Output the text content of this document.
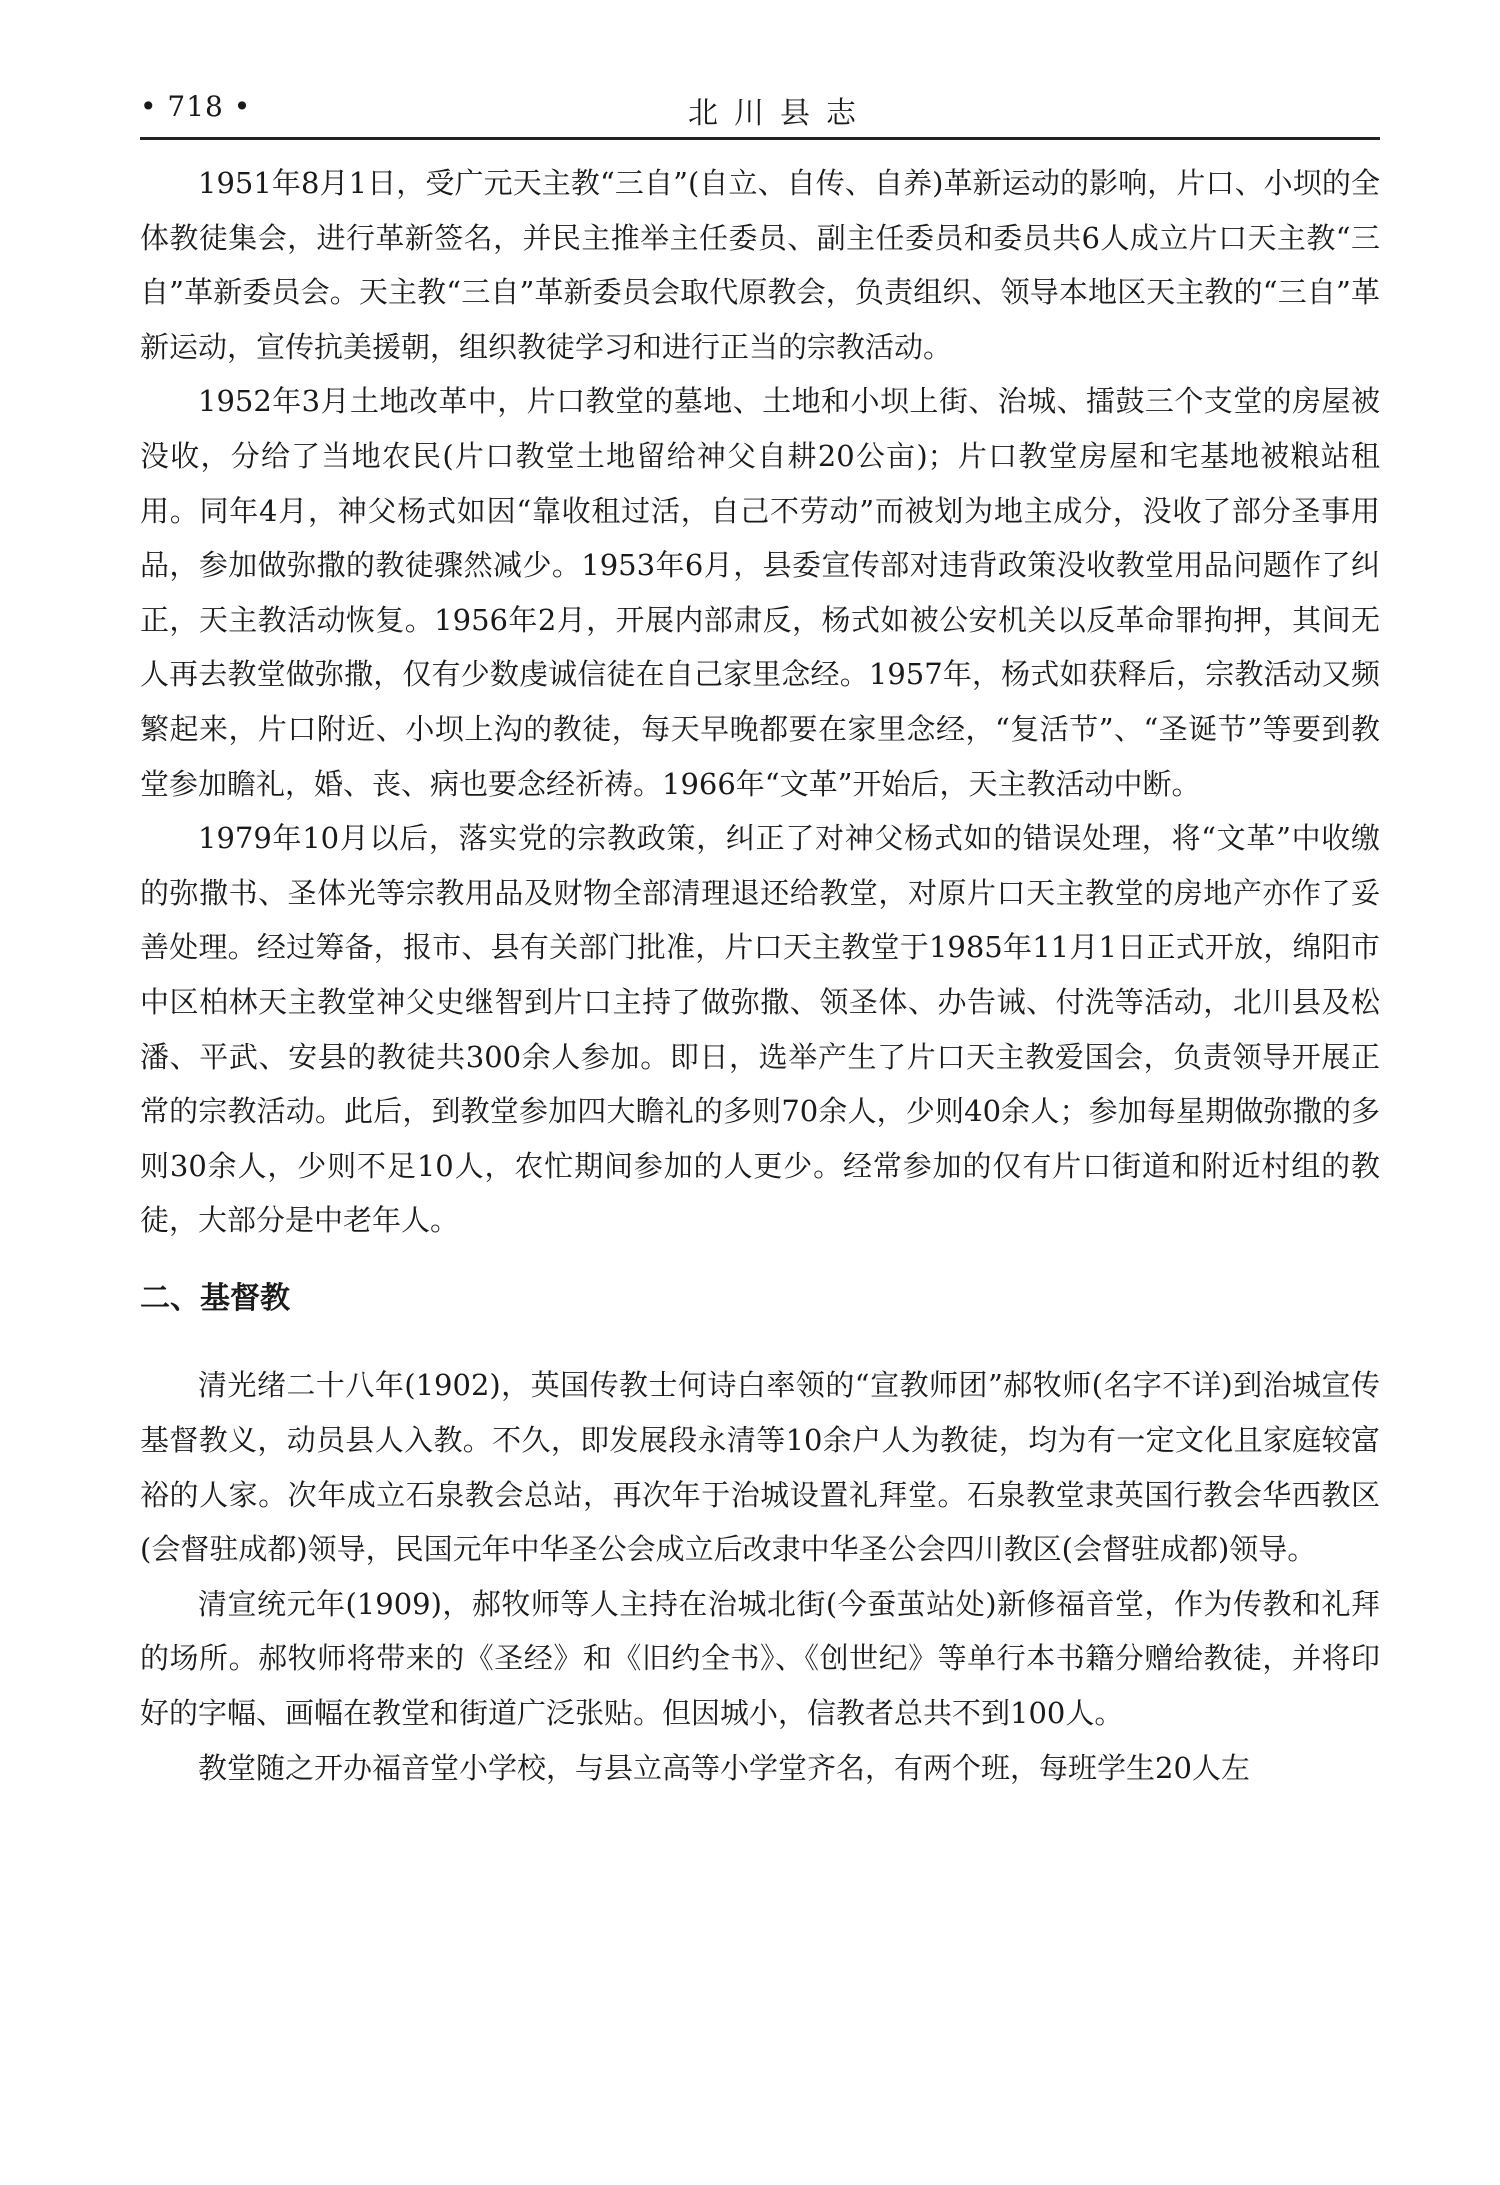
• 718 •	北川县志

1951年8月1日，受广元天主教“三自”(自立、自传、自养)革新运动的影响，片口、小坝的全体教徒集会，进行革新签名，并民主推举主任委员、副主任委员和委员共6人成立片口天主教“三自”革新委员会。天主教“三自”革新委员会取代原教会，负责组织、领导本地区天主教的“三自”革新运动，宣传抗美援朝，组织教徒学习和进行正当的宗教活动。

1952年3月土地改革中，片口教堂的墓地、土地和小坝上街、治城、擂鼓三个支堂的房屋被没收，分给了当地农民(片口教堂土地留给神父自耕20公亩)；片口教堂房屋和宅基地被粮站租用。同年4月，神父杨式如因“靠收租过活，自己不劳动”而被划为地主成分，没收了部分圣事用品，参加做弥撒的教徒骤然减少。1953年6月，县委宣传部对违背政策没收教堂用品问题作了纠正，天主教活动恢复。1956年2月，开展内部肃反，杨式如被公安机关以反革命罪拘押，其间无人再去教堂做弥撒，仅有少数虔诚信徒在自己家里念经。1957年，杨式如获释后，宗教活动又频繁起来，片口附近、小坝上沟的教徒，每天早晚都要在家里念经，“复活节”、“圣诞节”等要到教堂参加瞻礼，婚、丧、病也要念经祈祷。1966年“文革”开始后，天主教活动中断。

1979年10月以后，落实党的宗教政策，纠正了对神父杨式如的错误处理，将“文革”中收缴的弥撒书、圣体光等宗教用品及财物全部清理退还给教堂，对原片口天主教堂的房地产亦作了妥善处理。经过筹备，报市、县有关部门批准，片口天主教堂于1985年11月1日正式开放，绵阳市中区柏林天主教堂神父史继智到片口主持了做弥撒、领圣体、办告诫、付洗等活动，北川县及松潘、平武、安县的教徒共300余人参加。即日，选举产生了片口天主教爱国会，负责领导开展正常的宗教活动。此后，到教堂参加四大瞻礼的多则70余人，少则40余人；参加每星期做弥撒的多则30余人，少则不足10人，农忙期间参加的人更少。经常参加的仅有片口街道和附近村组的教徒，大部分是中老年人。

二、基督教

清光绪二十八年(1902)，英国传教士何诗白率领的“宣教师团”郝牧师(名字不详)到治城宣传基督教义，动员县人入教。不久，即发展段永清等10余户人为教徒，均为有一定文化且家庭较富裕的人家。次年成立石泉教会总站，再次年于治城设置礼拜堂。石泉教堂隶英国行教会华西教区(会督驻成都)领导，民国元年中华圣公会成立后改隶中华圣公会四川教区(会督驻成都)领导。

清宣统元年(1909)，郝牧师等人主持在治城北街(今蚕茧站处)新修福音堂，作为传教和礼拜的场所。郝牧师将带来的《圣经》和《旧约全书》、《创世纪》等单行本书籍分赠给教徒，并将印好的字幅、画幅在教堂和街道广泛张贴。但因城小，信教者总共不到100人。

教堂随之开办福音堂小学校，与县立高等小学堂齐名，有两个班，每班学生20人左
